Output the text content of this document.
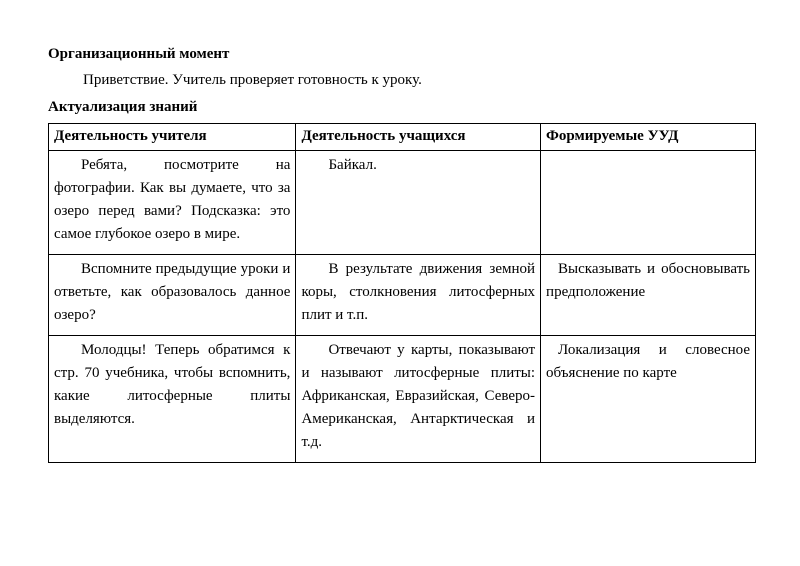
Организационный момент
Приветствие. Учитель проверяет готовность к уроку.
Актуализация знаний
Деятельность учителя	Деятельность учащихся	Формируемые УУД

Ребята, посмотрите на фотографии. Как вы думаете, что за озеро перед вами? Подсказка: это самое глубокое озеро в мире.	Байкал.	

Вспомните предыдущие уроки и ответьте, как образовалось данное озеро?	В результате движения земной коры, столкновения литосферных плит и т.п.	Высказывать и обосновывать предположение

Молодцы! Теперь обратимся к стр. 70 учебника, чтобы вспомнить, какие литосферные плиты выделяются.	Отвечают у карты, показывают и называют литосферные плиты: Африканская, Евразийская, Северо-Американская, Антарктическая и т.д.	Локализация и словесное объяснение по карте
